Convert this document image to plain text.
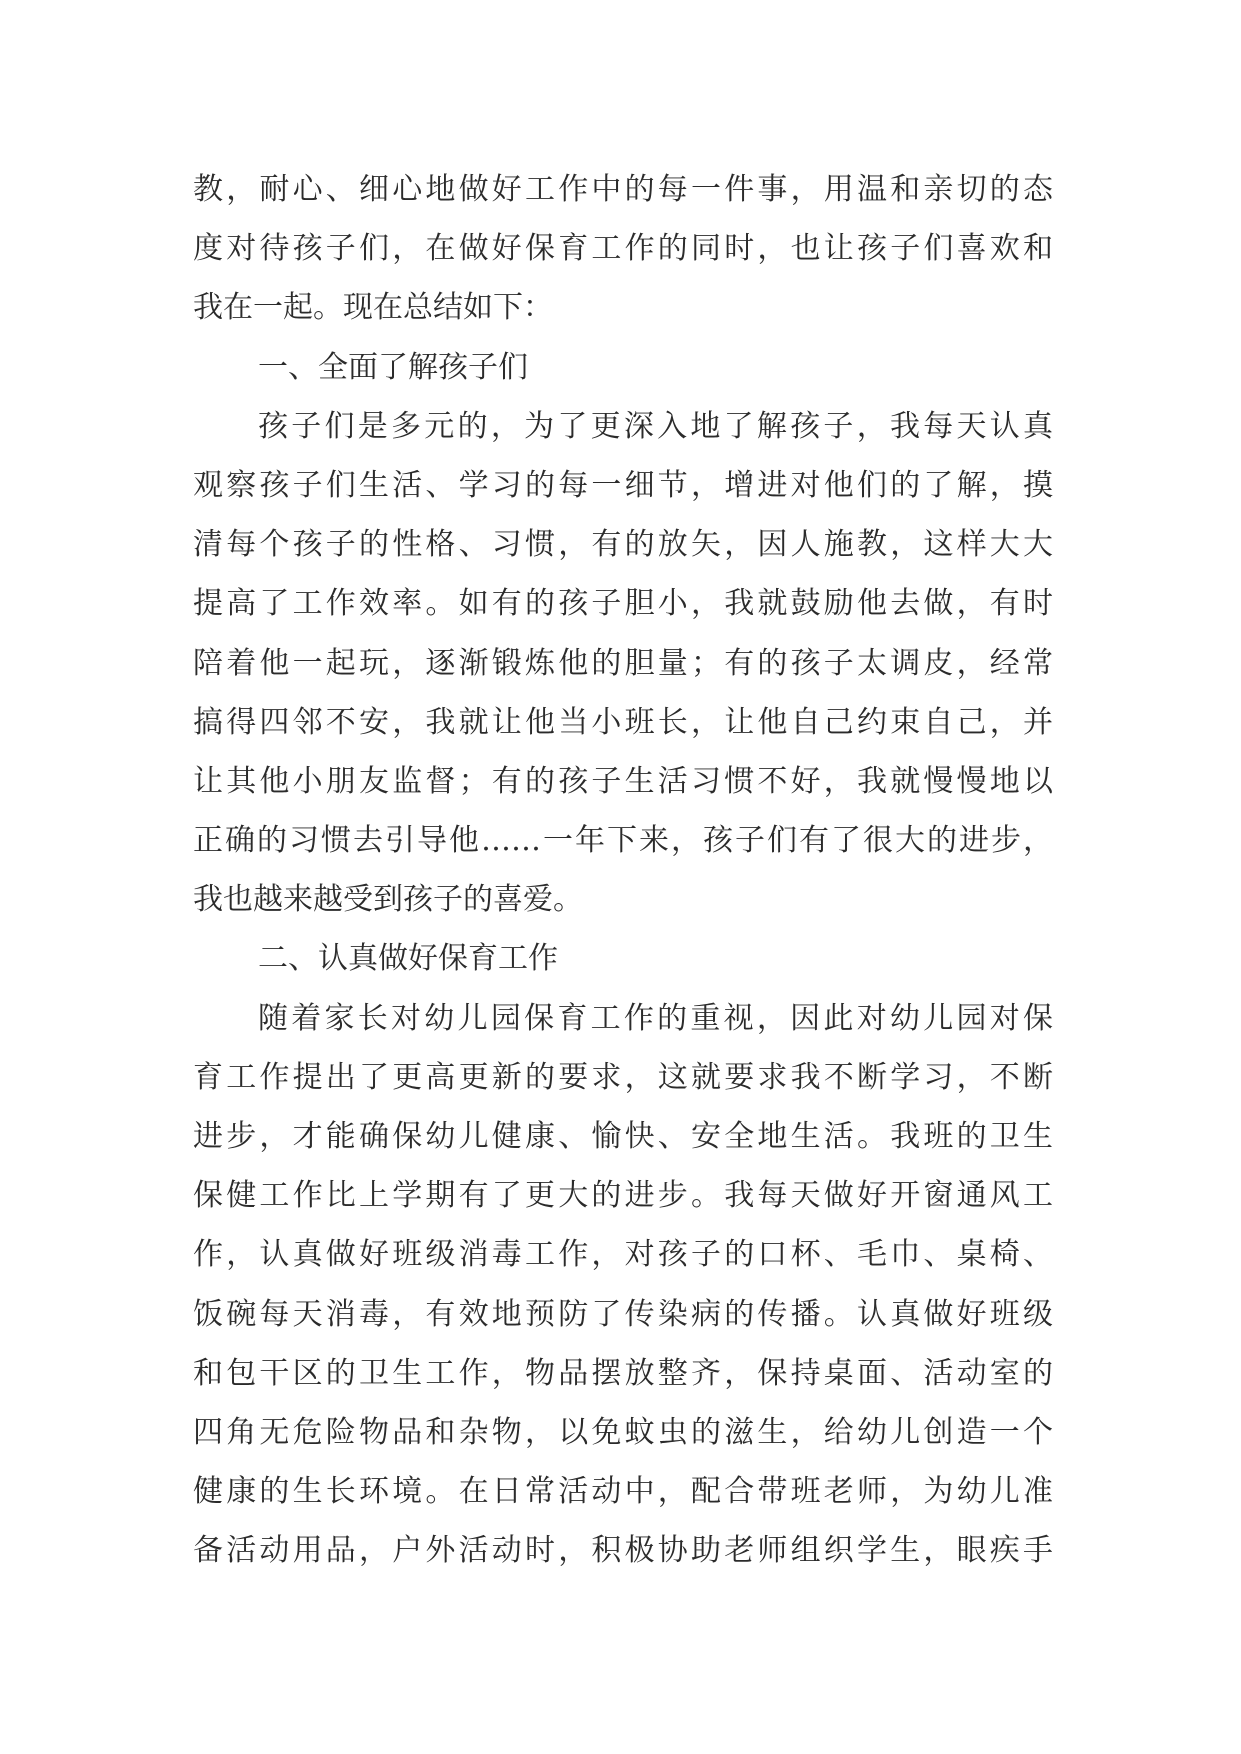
教，耐心、细心地做好工作中的每一件事，用温和亲切的态
度对待孩子们，在做好保育工作的同时，也让孩子们喜欢和
我在一起。现在总结如下：
一、全面了解孩子们
孩子们是多元的，为了更深入地了解孩子，我每天认真
观察孩子们生活、学习的每一细节，增进对他们的了解，摸
清每个孩子的性格、习惯，有的放矢，因人施教，这样大大
提高了工作效率。如有的孩子胆小，我就鼓励他去做，有时
陪着他一起玩，逐渐锻炼他的胆量；有的孩子太调皮，经常
搞得四邻不安，我就让他当小班长，让他自己约束自己，并
让其他小朋友监督；有的孩子生活习惯不好，我就慢慢地以
正确的习惯去引导他……一年下来，孩子们有了很大的进步，
我也越来越受到孩子的喜爱。
二、认真做好保育工作
随着家长对幼儿园保育工作的重视，因此对幼儿园对保
育工作提出了更高更新的要求，这就要求我不断学习，不断
进步，才能确保幼儿健康、愉快、安全地生活。我班的卫生
保健工作比上学期有了更大的进步。我每天做好开窗通风工
作，认真做好班级消毒工作，对孩子的口杯、毛巾、桌椅、
饭碗每天消毒，有效地预防了传染病的传播。认真做好班级
和包干区的卫生工作，物品摆放整齐，保持桌面、活动室的
四角无危险物品和杂物，以免蚊虫的滋生，给幼儿创造一个
健康的生长环境。在日常活动中，配合带班老师，为幼儿准
备活动用品，户外活动时，积极协助老师组织学生，眼疾手
